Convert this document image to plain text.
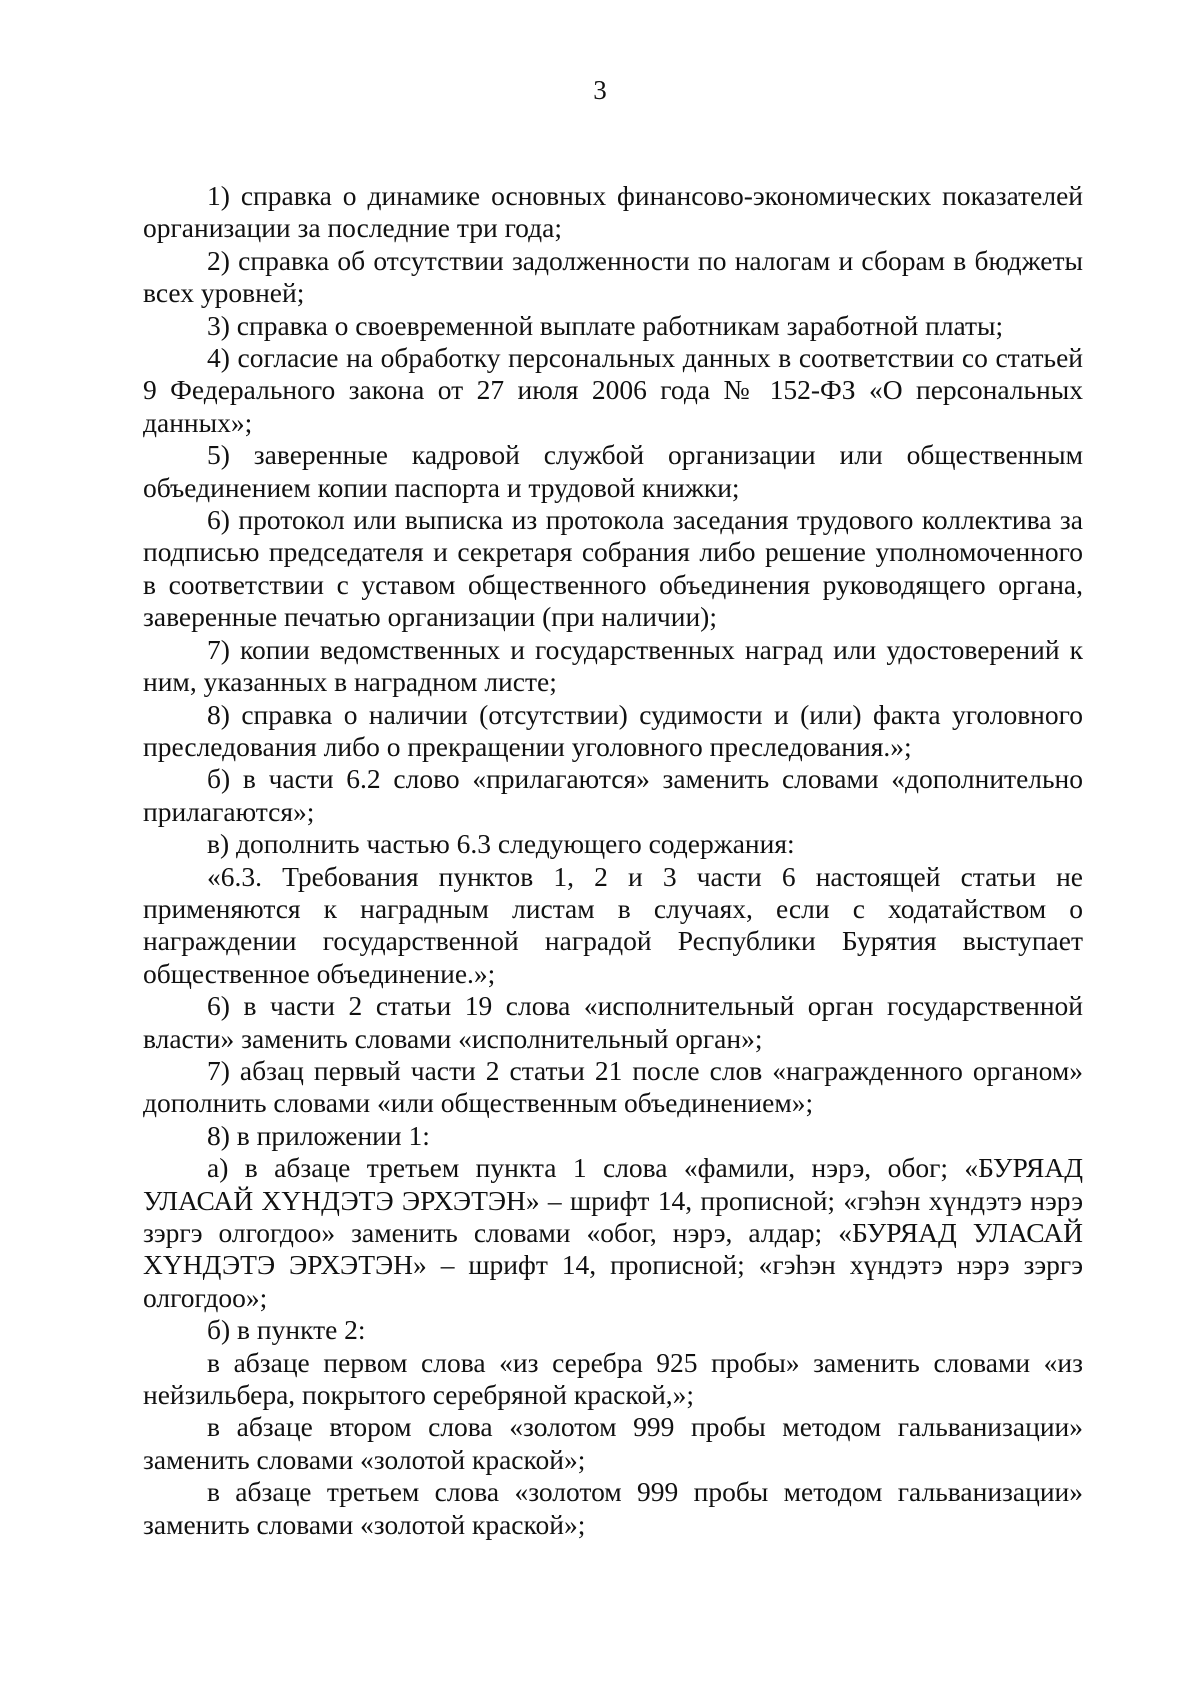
3

1) справка о динамике основных финансово-экономических показателей организации за последние три года;

2) справка об отсутствии задолженности по налогам и сборам в бюджеты всех уровней;

3) справка о своевременной выплате работникам заработной платы;

4) согласие на обработку персональных данных в соответствии со статьей 9 Федерального закона от 27 июля 2006 года № 152-ФЗ «О персональных данных»;

5) заверенные кадровой службой организации или общественным объединением копии паспорта и трудовой книжки;

6) протокол или выписка из протокола заседания трудового коллектива за подписью председателя и секретаря собрания либо решение уполномоченного в соответствии с уставом общественного объединения руководящего органа, заверенные печатью организации (при наличии);

7) копии ведомственных и государственных наград или удостоверений к ним, указанных в наградном листе;

8) справка о наличии (отсутствии) судимости и (или) факта уголовного преследования либо о прекращении уголовного преследования.»;

б) в части 6.2 слово «прилагаются» заменить словами «дополнительно прилагаются»;

в) дополнить частью 6.3 следующего содержания:

«6.3. Требования пунктов 1, 2 и 3 части 6 настоящей статьи не применяются к наградным листам в случаях, если с ходатайством о награждении государственной наградой Республики Бурятия выступает общественное объединение.»;

6) в части 2 статьи 19 слова «исполнительный орган государственной власти» заменить словами «исполнительный орган»;

7) абзац первый части 2 статьи 21 после слов «награжденного органом» дополнить словами «или общественным объединением»;

8) в приложении 1:

а) в абзаце третьем пункта 1 слова «фамили, нэрэ, обог; «БУРЯАД УЛАСАЙ ХYНДЭТЭ ЭРХЭТЭН» – шрифт 14, прописной; «гэһэн хүндэтэ нэрэ зэргэ олгогдоо» заменить словами «обог, нэрэ, алдар; «БУРЯАД УЛАСАЙ ХYНДЭТЭ ЭРХЭТЭН» – шрифт 14, прописной; «гэһэн хүндэтэ нэрэ зэргэ олгогдоо»;

б) в пункте 2:

в абзаце первом слова «из серебра 925 пробы» заменить словами «из нейзильбера, покрытого серебряной краской,»;

в абзаце втором слова «золотом 999 пробы методом гальванизации» заменить словами «золотой краской»;

в абзаце третьем слова «золотом 999 пробы методом гальванизации» заменить словами «золотой краской»;
